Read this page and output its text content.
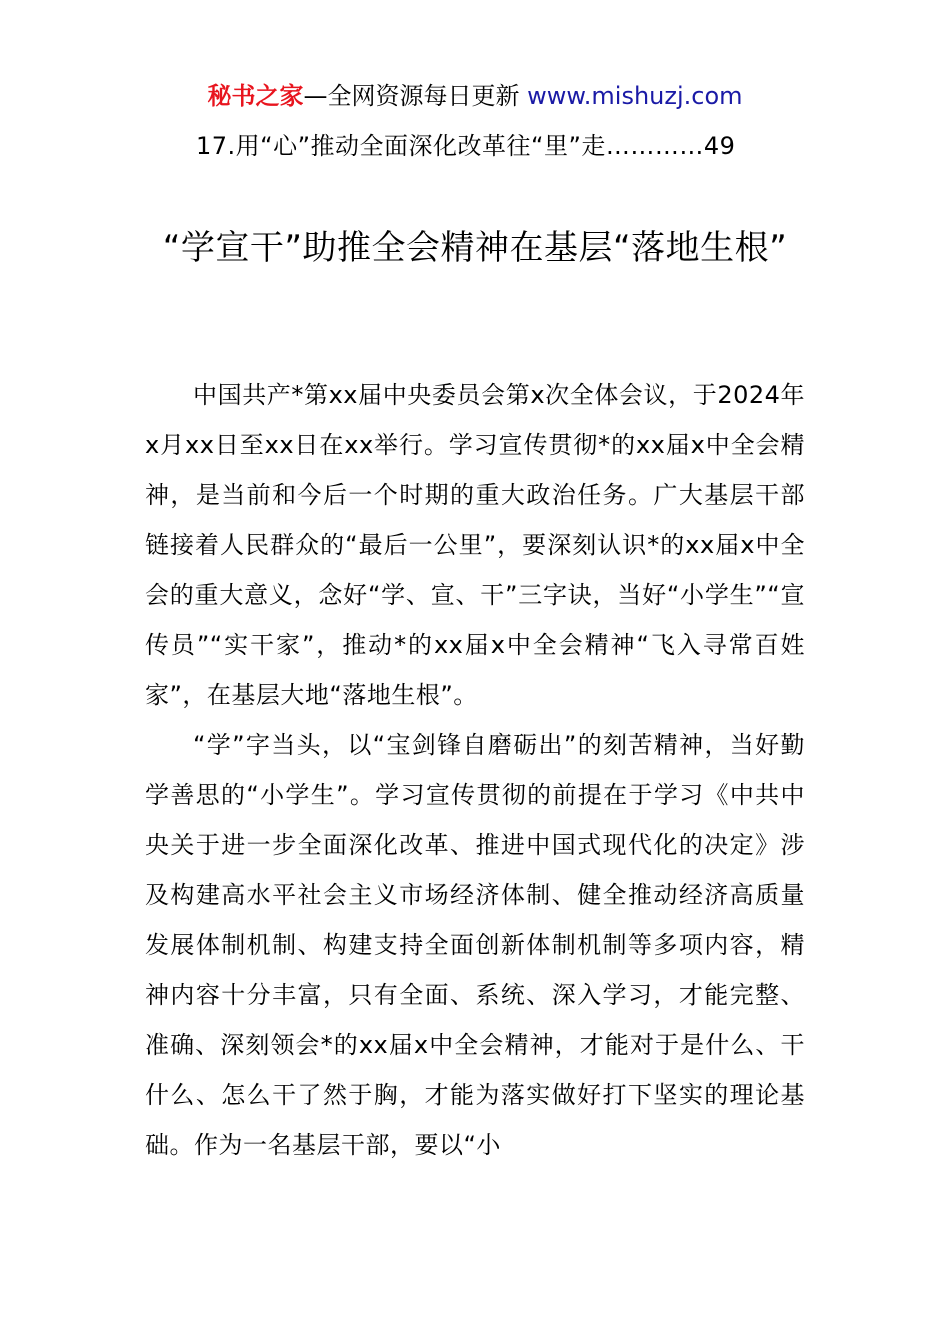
秘书之家—全网资源每日更新 www.mishuzj.com
17.用“心”推动全面深化改革往“里”走…………49
“学宣干”助推全会精神在基层“落地生根”

中国共产*第xx届中央委员会第x次全体会议，于2024年x月xx日至xx日在xx举行。学习宣传贯彻*的xx届x中全会精神，是当前和今后一个时期的重大政治任务。广大基层干部链接着人民群众的“最后一公里”，要深刻认识*的xx届x中全会的重大意义，念好“学、宣、干”三字诀，当好“小学生”“宣传员”“实干家”，推动*的xx届x中全会精神“飞入寻常百姓家”，在基层大地“落地生根”。

“学”字当头，以“宝剑锋自磨砺出”的刻苦精神，当好勤学善思的“小学生”。学习宣传贯彻的前提在于学习《中共中央关于进一步全面深化改革、推进中国式现代化的决定》涉及构建高水平社会主义市场经济体制、健全推动经济高质量发展体制机制、构建支持全面创新体制机制等多项内容，精神内容十分丰富，只有全面、系统、深入学习，才能完整、准确、深刻领会*的xx届x中全会精神，才能对于是什么、干什么、怎么干了然于胸，才能为落实做好打下坚实的理论基础。作为一名基层干部，要以“小
